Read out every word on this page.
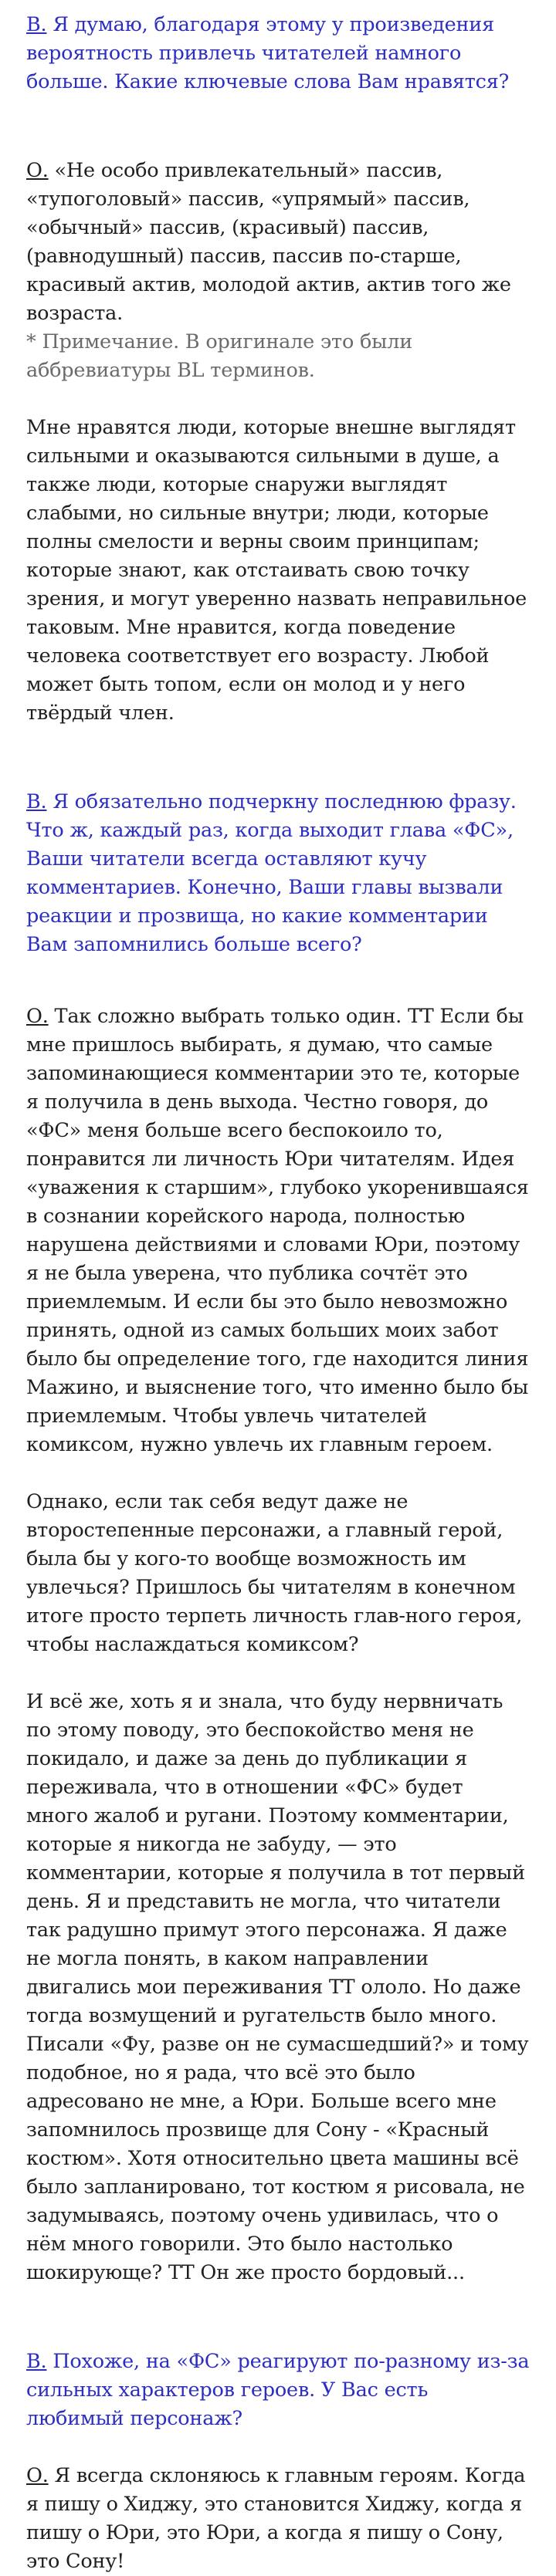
В. Я думаю, благодаря этому у произведения вероятность привлечь читателей намного больше. Какие ключевые слова Вам нравятся?

О. «Не особо привлекательный» пассив, «тупоголовый» пассив, «упрямый» пассив, «обычный» пассив, (красивый) пассив, (равнодушный) пассив, пассив по-старше, красивый актив, молодой актив, актив того же возраста.

* Примечание. В оригинале это были аббревиатуры BL терминов.

Мне нравятся люди, которые внешне выглядят сильными и оказываются сильными в душе, а также люди, которые снаружи выглядят слабыми, но сильные внутри; люди, которые полны смелости и верны своим принципам; которые знают, как отстаивать свою точку зрения, и могут уверенно назвать неправильное таковым. Мне нравится, когда поведение человека соответствует его возрасту. Любой может быть топом, если он молод и у него твёрдый член.

В. Я обязательно подчеркну последнюю фразу. Что ж, каждый раз, когда выходит глава «ФС», Ваши читатели всегда оставляют кучу комментариев. Конечно, Ваши главы вызвали реакции и прозвища, но какие комментарии Вам запомнились больше всего?

О. Так сложно выбрать только один. ТТ Если бы мне пришлось выбирать, я думаю, что самые запоминающиеся комментарии это те, которые я получила в день выхода. Честно говоря, до «ФС» меня больше всего беспокоило то, понравится ли личность Юри читателям. Идея «уважения к старшим», глубоко укоренившаяся в сознании корейского народа, полностью нарушена действиями и словами Юри, поэтому я не была уверена, что публика сочтёт это приемлемым. И если бы это было невозможно принять, одной из самых больших моих забот было бы определение того, где находится линия Мажино, и выяснение того, что именно было бы приемлемым. Чтобы увлечь читателей комиксом, нужно увлечь их главным героем.

Однако, если так себя ведут даже не второстепенные персонажи, а главный герой, была бы у кого-то вообще возможность им увлечься? Пришлось бы читателям в конечном итоге просто терпеть личность глав-ного героя, чтобы наслаждаться комиксом?

И всё же, хоть я и знала, что буду нервничать по этому поводу, это беспокойство меня не покидало, и даже за день до публикации я переживала, что в отношении «ФС» будет много жалоб и ругани. Поэтому комментарии, которые я никогда не забуду, — это комментарии, которые я получила в тот первый день. Я и представить не могла, что читатели так радушно примут этого персонажа. Я даже не могла понять, в каком направлении двигались мои переживания ТТ ололо. Но даже тогда возмущений и ругательств было много. Писали «Фу, разве он не сумасшедший?» и тому подобное, но я рада, что всё это было адресовано не мне, а Юри. Больше всего мне запомнилось прозвище для Сону - «Красный костюм». Хотя относительно цвета машины всё было запланировано, тот костюм я рисовала, не задумываясь, поэтому очень удивилась, что о нём много говорили. Это было настолько шокирующе? ТТ Он же просто бордовый...

В. Похоже, на «ФС» реагируют по-разному из-за сильных характеров героев. У Вас есть любимый персонаж?

О. Я всегда склоняюсь к главным героям. Когда я пишу о Хиджу, это становится Хиджу, когда я пишу о Юри, это Юри, а когда я пишу о Сону, это Сону!
